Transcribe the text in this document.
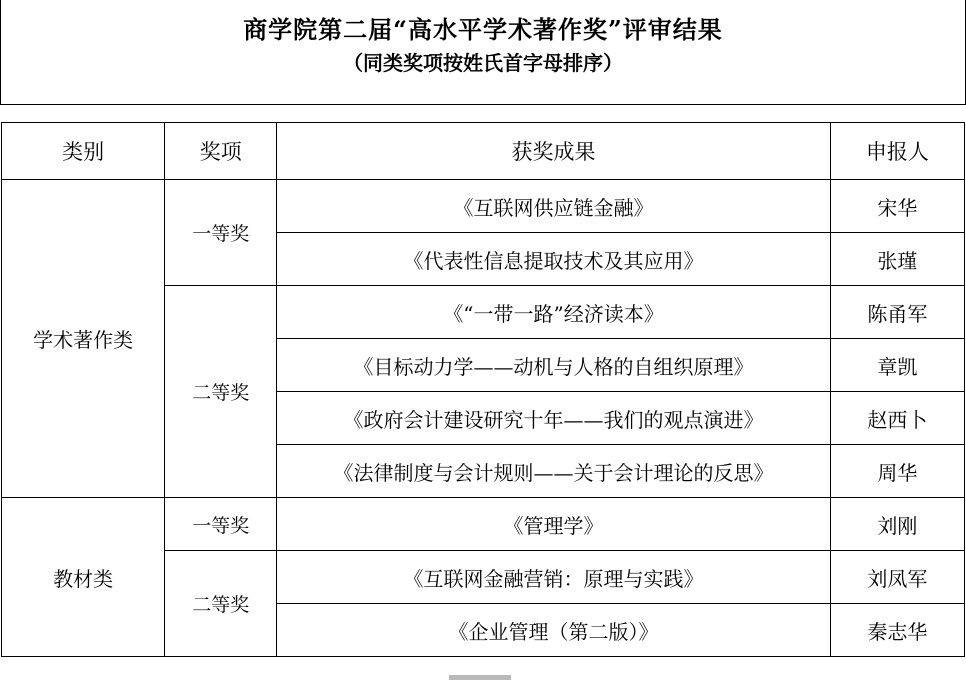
商学院第二届“高水平学术著作奖”评审结果
（同类奖项按姓氏首字母排序）
类别	奖项	获奖成果	申报人
学术著作类	一等奖	《互联网供应链金融》	宋华
		《代表性信息提取技术及其应用》	张瑾
	二等奖	《“一带一路”经济读本》	陈甬军
		《目标动力学——动机与人格的自组织原理》	章凯
		《政府会计建设研究十年——我们的观点演进》	赵西卜
		《法律制度与会计规则——关于会计理论的反思》	周华
教材类	一等奖	《管理学》	刘刚
	二等奖	《互联网金融营销：原理与实践》	刘凤军
		《企业管理（第二版）》	秦志华
